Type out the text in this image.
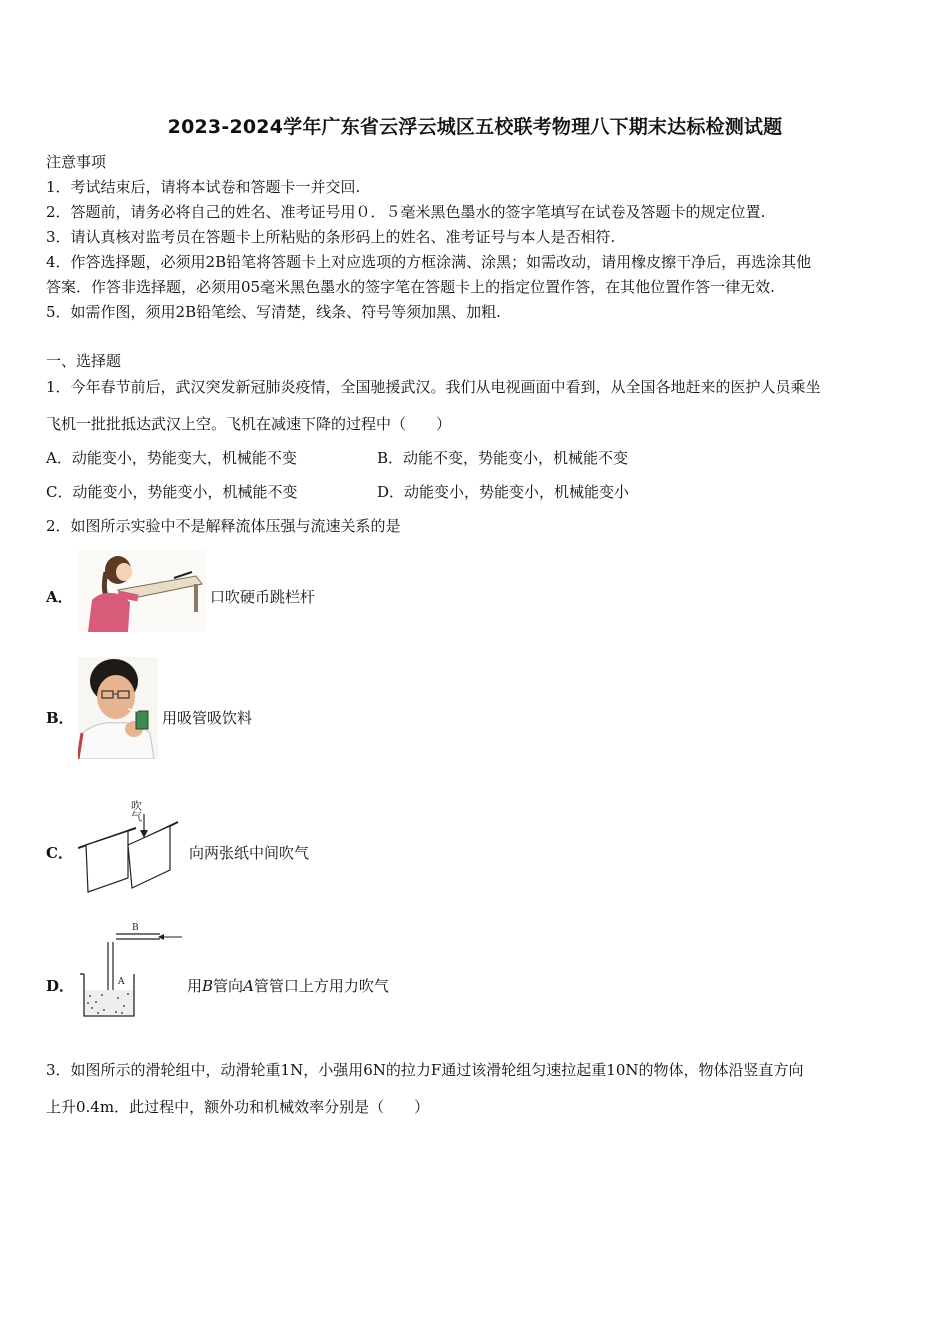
2023-2024学年广东省云浮云城区五校联考物理八下期末达标检测试题
注意事项
1．考试结束后，请将本试卷和答题卡一并交回.
2．答题前，请务必将自己的姓名、准考证号用０．５毫米黑色墨水的签字笔填写在试卷及答题卡的规定位置.
3．请认真核对监考员在答题卡上所粘贴的条形码上的姓名、准考证号与本人是否相符.
4．作答选择题，必须用2B铅笔将答题卡上对应选项的方框涂满、涂黑；如需改动，请用橡皮擦干净后，再选涂其他
答案．作答非选择题，必须用05毫米黑色墨水的签字笔在答题卡上的指定位置作答，在其他位置作答一律无效.
5．如需作图，须用2B铅笔绘、写清楚，线条、符号等须加黑、加粗.
一、选择题
1．今年春节前后，武汉突发新冠肺炎疫情，全国驰援武汉。我们从电视画面中看到，从全国各地赶来的医护人员乘坐
飞机一批批抵达武汉上空。飞机在减速下降的过程中（　　）
A．动能变小，势能变大，机械能不变	B．动能不变，势能变小，机械能不变
C．动能变小，势能变小，机械能不变	D．动能变小，势能变小，机械能变小
2．如图所示实验中不是解释流体压强与流速关系的是
A．	口吹硬币跳栏杆
B．	用吸管吸饮料
C．
吹气
向两张纸中间吹气
D．
B
A	用B管向A管管口上方用力吹气
3．如图所示的滑轮组中，动滑轮重1N，小强用6N的拉力F通过该滑轮组匀速拉起重10N的物体，物体沿竖直方向
上升0.4m．此过程中，额外功和机械效率分别是（　　）
